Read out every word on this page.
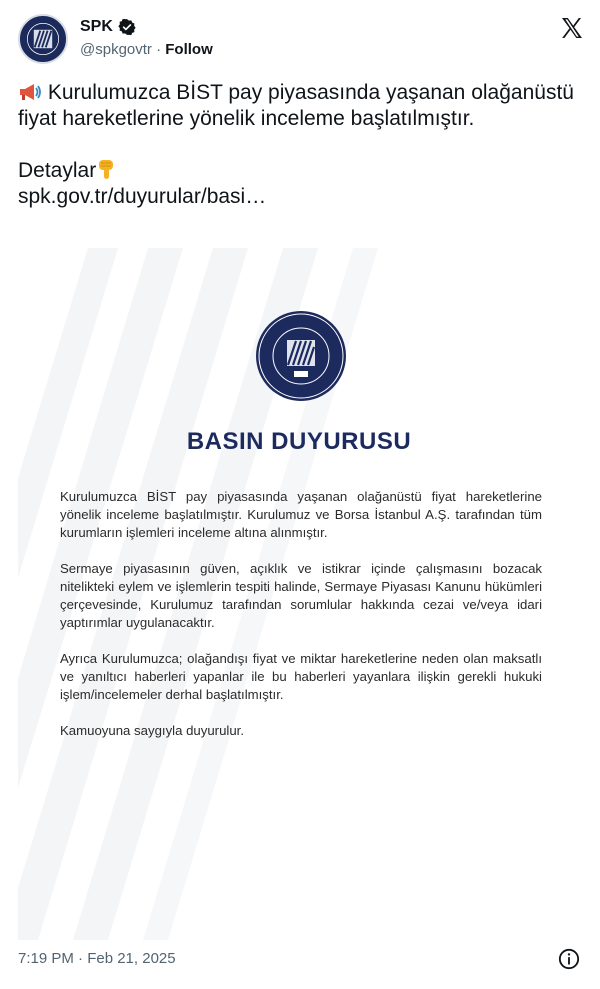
SPK
@spkgovtr · Follow

Kurulumuzca BİST pay piyasasında yaşanan olağanüstü fiyat hareketlerine yönelik inceleme başlatılmıştır.

Detaylar

spk.gov.tr/duyurular/basi…

BASIN DUYURUSU

Kurulumuzca BİST pay piyasasında yaşanan olağanüstü fiyat hareketlerine yönelik inceleme başlatılmıştır. Kurulumuz ve Borsa İstanbul A.Ş. tarafından tüm kurumların işlemleri inceleme altına alınmıştır.

Sermaye piyasasının güven, açıklık ve istikrar içinde çalışmasını bozacak nitelikteki eylem ve işlemlerin tespiti halinde, Sermaye Piyasası Kanunu hükümleri çerçevesinde, Kurulumuz tarafından sorumlular hakkında cezai ve/veya idari yaptırımlar uygulanacaktır.

Ayrıca Kurulumuzca; olağandışı fiyat ve miktar hareketlerine neden olan maksatlı ve yanıltıcı haberleri yapanlar ile bu haberleri yayanlara ilişkin gerekli hukuki işlem/incelemeler derhal başlatılmıştır.

Kamuoyuna saygıyla duyurulur.

7:19 PM · Feb 21, 2025
